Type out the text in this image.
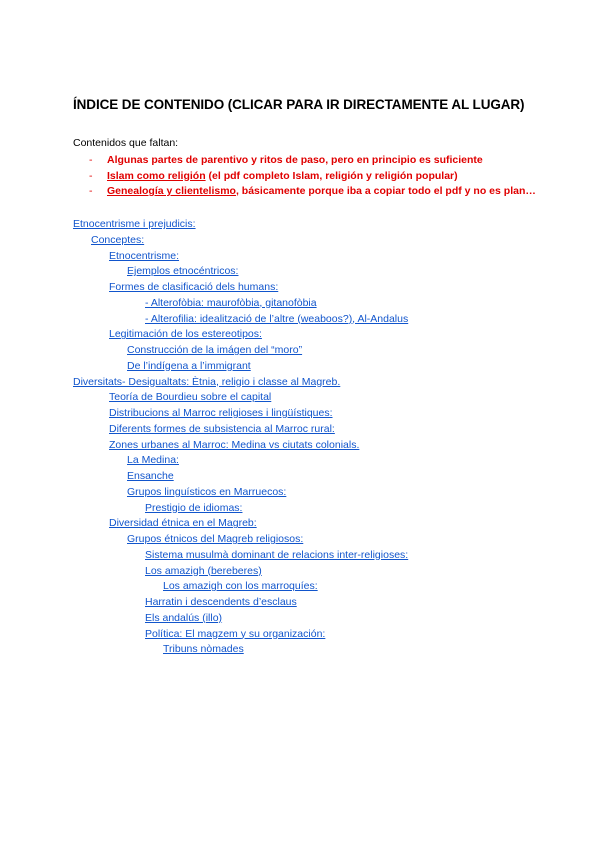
ÍNDICE DE CONTENIDO (CLICAR PARA IR DIRECTAMENTE AL LUGAR)
Contenidos que faltan:
- Algunas partes de parentivo y ritos de paso, pero en principio es suficiente
- Islam como religión (el pdf completo Islam, religión y religión popular)
- Genealogía y clientelismo, básicamente porque iba a copiar todo el pdf y no es plan…
Etnocentrisme i prejudicis:
Conceptes:
Etnocentrisme:
Ejemplos etnocéntricos:
Formes de clasificació dels humans:
- Alterofòbia: maurofòbia, gitanofòbia
- Alterofilia: idealització de l’altre (weaboos?), Al-Andalus
Legitimación de los estereotipos:
Construcción de la imágen del “moro”
De l’indígena a l’immigrant
Diversitats- Desigualtats: Ètnia, religio i classe al Magreb.
Teoría de Bourdieu sobre el capital
Distribucions al Marroc religioses i lingüístiques:
Diferents formes de subsistencia al Marroc rural:
Zones urbanes al Marroc: Medina vs ciutats colonials.
La Medina:
Ensanche
Grupos linguísticos en Marruecos:
Prestigio de idiomas:
Diversidad étnica en el Magreb:
Grupos étnicos del Magreb religiosos:
Sistema musulmà dominant de relacions inter-religioses:
Los amazigh (bereberes)
Los amazigh con los marroquíes:
Harratin i descendents d’esclaus
Els andalús (illo)
Política: El magzem y su organización:
Tribuns nòmades
